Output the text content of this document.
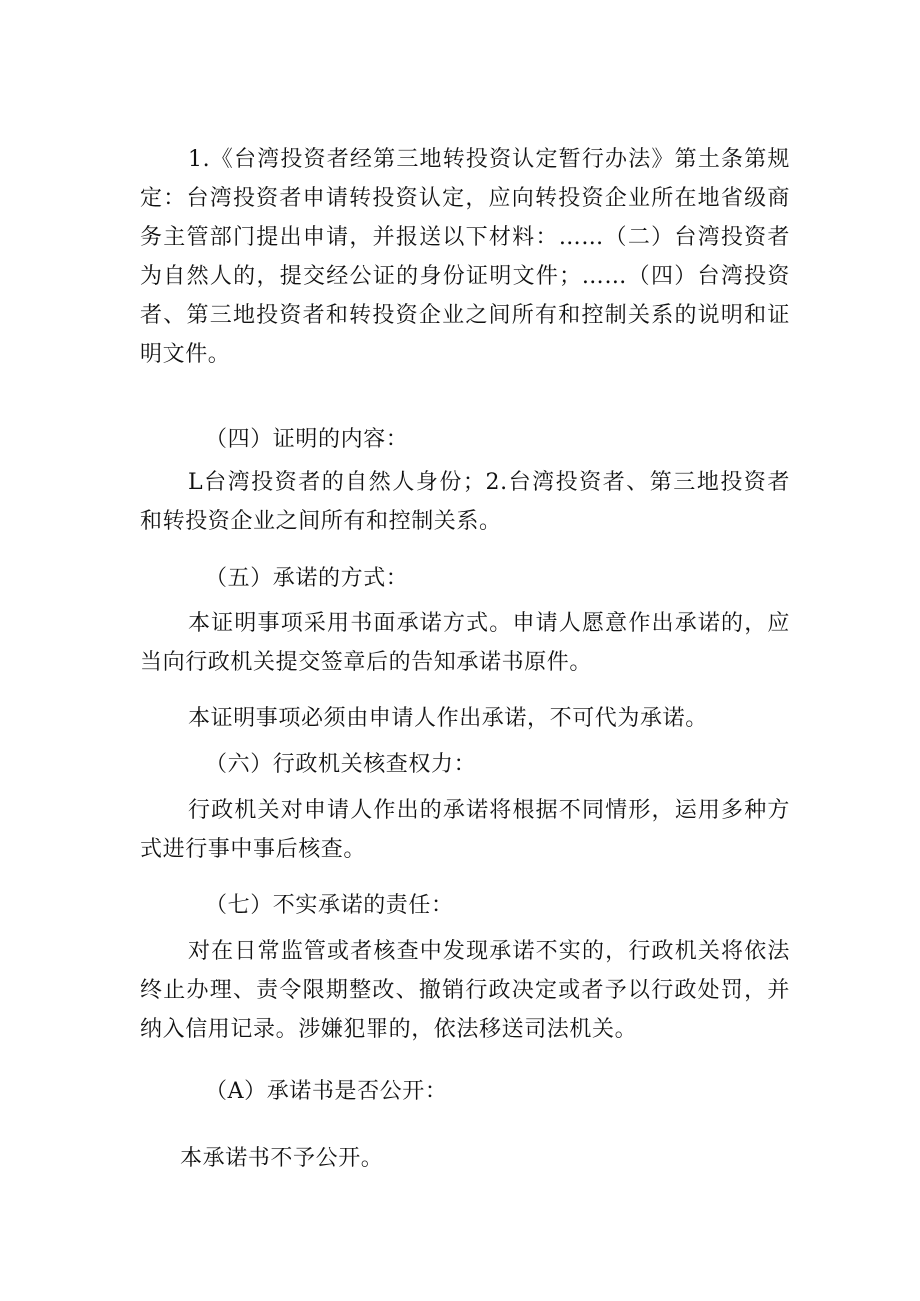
1.《台湾投资者经第三地转投资认定暂行办法》第土条第规定：台湾投资者申请转投资认定，应向转投资企业所在地省级商务主管部门提出申请，并报送以下材料：……（二）台湾投资者为自然人的，提交经公证的身份证明文件；……（四）台湾投资者、第三地投资者和转投资企业之间所有和控制关系的说明和证明文件。

（四）证明的内容：

L台湾投资者的自然人身份；2.台湾投资者、第三地投资者和转投资企业之间所有和控制关系。

（五）承诺的方式：

本证明事项采用书面承诺方式。申请人愿意作出承诺的，应当向行政机关提交签章后的告知承诺书原件。

本证明事项必须由申请人作出承诺，不可代为承诺。

（六）行政机关核查权力：

行政机关对申请人作出的承诺将根据不同情形，运用多种方式进行事中事后核查。

（七）不实承诺的责任：

对在日常监管或者核查中发现承诺不实的，行政机关将依法终止办理、责令限期整改、撤销行政决定或者予以行政处罚，并纳入信用记录。涉嫌犯罪的，依法移送司法机关。

（A）承诺书是否公开：

本承诺书不予公开。
